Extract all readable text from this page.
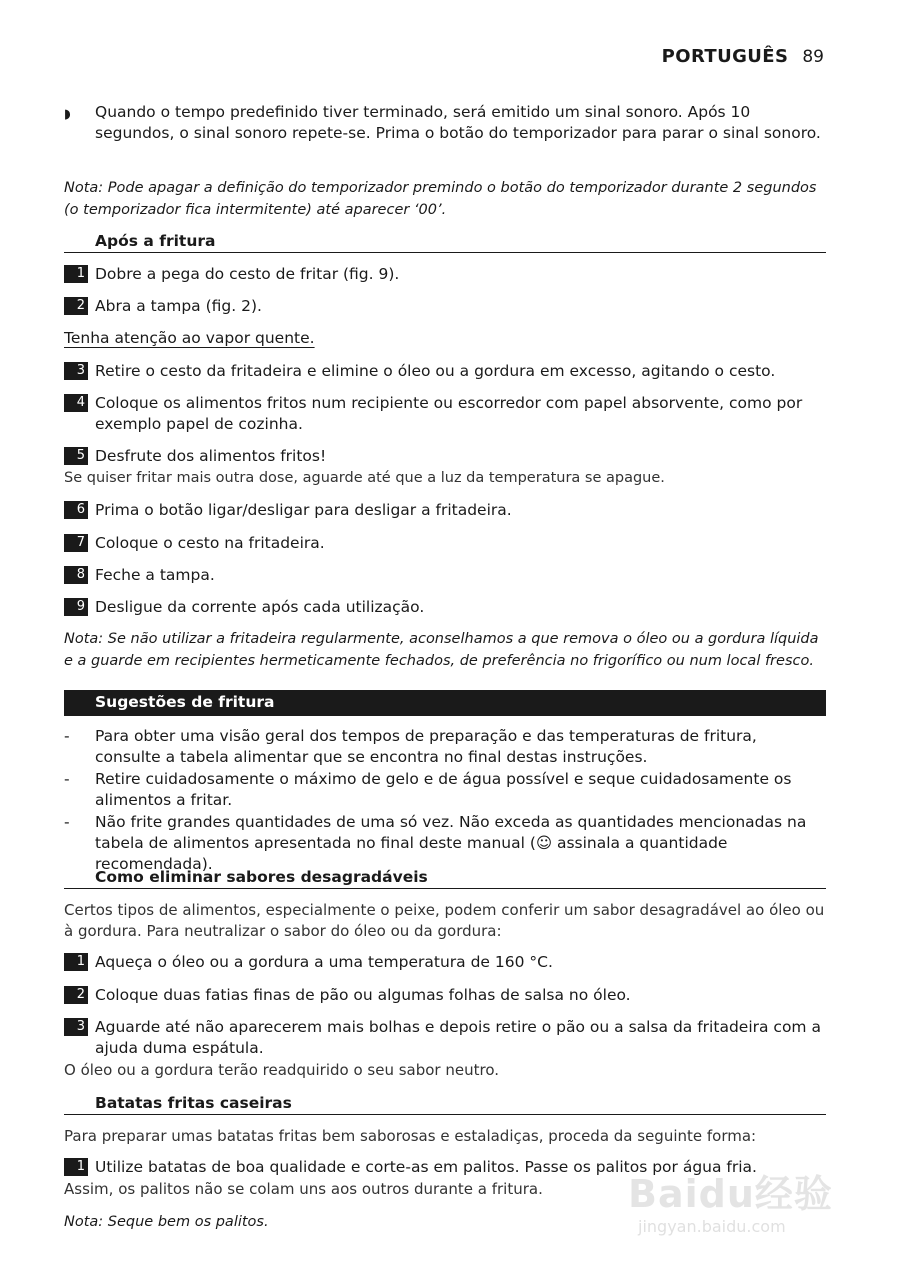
PORTUGUÊS 89
◗ Quando o tempo predefinido tiver terminado, será emitido um sinal sonoro. Após 10 segundos, o sinal sonoro repete-se. Prima o botão do temporizador para parar o sinal sonoro.
Nota: Pode apagar a definição do temporizador premindo o botão do temporizador durante 2 segundos (o temporizador fica intermitente) até aparecer ‘00’.
Após a fritura
1 Dobre a pega do cesto de fritar (fig. 9).
2 Abra a tampa (fig. 2).
Tenha atenção ao vapor quente.
3 Retire o cesto da fritadeira e elimine o óleo ou a gordura em excesso, agitando o cesto.
4 Coloque os alimentos fritos num recipiente ou escorredor com papel absorvente, como por exemplo papel de cozinha.
5 Desfrute dos alimentos fritos!
Se quiser fritar mais outra dose, aguarde até que a luz da temperatura se apague.
6 Prima o botão ligar/desligar para desligar a fritadeira.
7 Coloque o cesto na fritadeira.
8 Feche a tampa.
9 Desligue da corrente após cada utilização.
Nota: Se não utilizar a fritadeira regularmente, aconselhamos a que remova o óleo ou a gordura líquida e a guarde em recipientes hermeticamente fechados, de preferência no frigorífico ou num local fresco.
Sugestões de fritura
- Para obter uma visão geral dos tempos de preparação e das temperaturas de fritura, consulte a tabela alimentar que se encontra no final destas instruções.
- Retire cuidadosamente o máximo de gelo e de água possível e seque cuidadosamente os alimentos a fritar.
- Não frite grandes quantidades de uma só vez. Não exceda as quantidades mencionadas na tabela de alimentos apresentada no final deste manual (☺ assinala a quantidade recomendada).
Como eliminar sabores desagradáveis
Certos tipos de alimentos, especialmente o peixe, podem conferir um sabor desagradável ao óleo ou à gordura. Para neutralizar o sabor do óleo ou da gordura:
1 Aqueça o óleo ou a gordura a uma temperatura de 160 °C.
2 Coloque duas fatias finas de pão ou algumas folhas de salsa no óleo.
3 Aguarde até não aparecerem mais bolhas e depois retire o pão ou a salsa da fritadeira com a ajuda duma espátula.
O óleo ou a gordura terão readquirido o seu sabor neutro.
Batatas fritas caseiras
Para preparar umas batatas fritas bem saborosas e estaladiças, proceda da seguinte forma:
1 Utilize batatas de boa qualidade e corte-as em palitos. Passe os palitos por água fria.
Assim, os palitos não se colam uns aos outros durante a fritura.
Nota: Seque bem os palitos.
Baidu经验
jingyan.baidu.com
